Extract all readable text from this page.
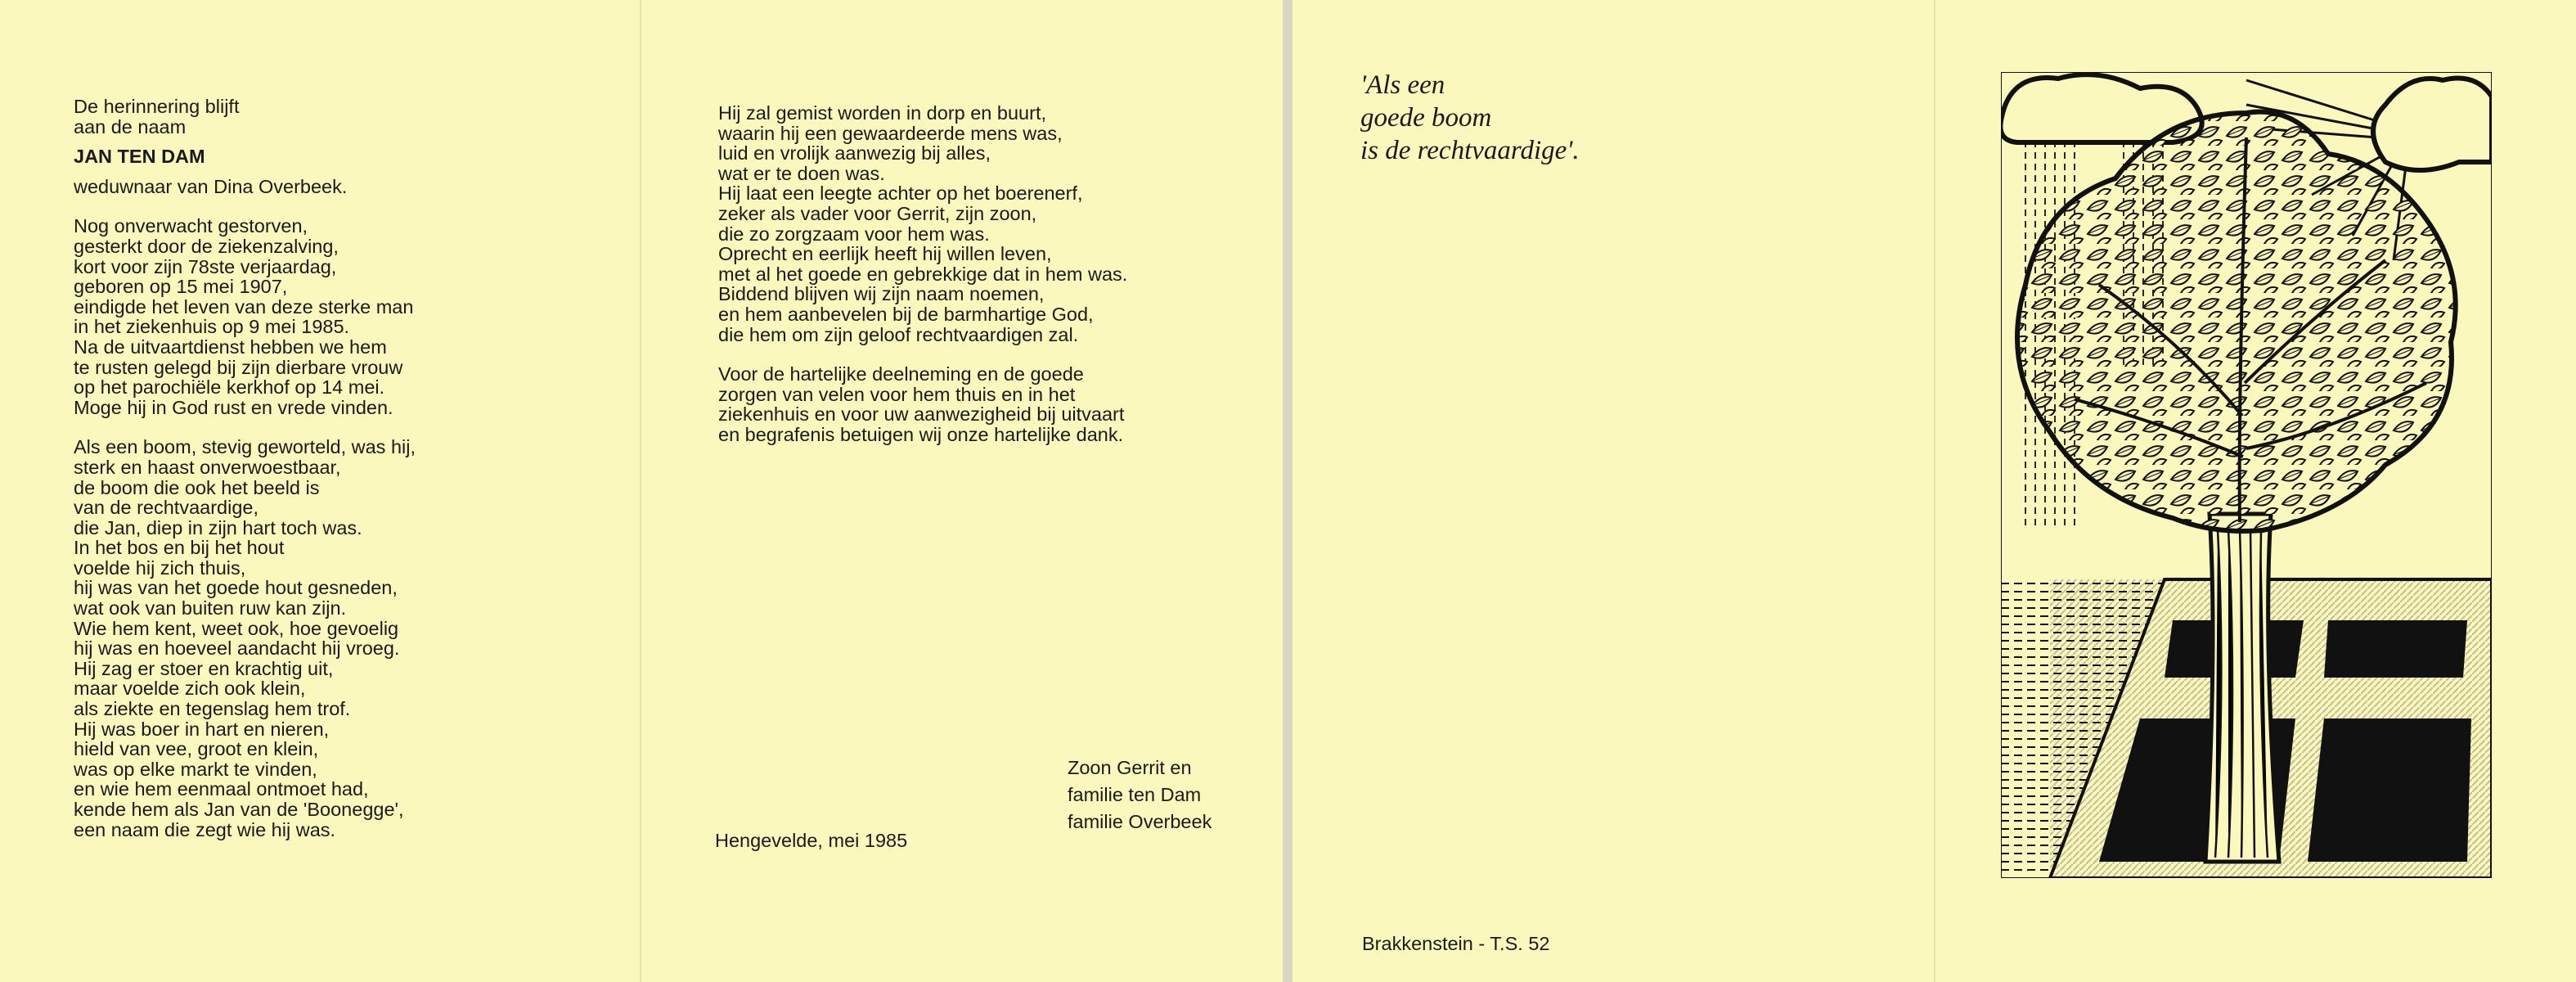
De herinnering blijft
aan de naam
JAN TEN DAM
weduwnaar van Dina Overbeek.
Nog onverwacht gestorven,
gesterkt door de ziekenzalving,
kort voor zijn 78ste verjaardag,
geboren op 15 mei 1907,
eindigde het leven van deze sterke man
in het ziekenhuis op 9 mei 1985.
Na de uitvaartdienst hebben we hem
te rusten gelegd bij zijn dierbare vrouw
op het parochiële kerkhof op 14 mei.
Moge hij in God rust en vrede vinden.
Als een boom, stevig geworteld, was hij,
sterk en haast onverwoestbaar,
de boom die ook het beeld is
van de rechtvaardige,
die Jan, diep in zijn hart toch was.
In het bos en bij het hout
voelde hij zich thuis,
hij was van het goede hout gesneden,
wat ook van buiten ruw kan zijn.
Wie hem kent, weet ook, hoe gevoelig
hij was en hoeveel aandacht hij vroeg.
Hij zag er stoer en krachtig uit,
maar voelde zich ook klein,
als ziekte en tegenslag hem trof.
Hij was boer in hart en nieren,
hield van vee, groot en klein,
was op elke markt te vinden,
en wie hem eenmaal ontmoet had,
kende hem als Jan van de 'Boonegge',
een naam die zegt wie hij was.
Hij zal gemist worden in dorp en buurt,
waarin hij een gewaardeerde mens was,
luid en vrolijk aanwezig bij alles,
wat er te doen was.
Hij laat een leegte achter op het boerenerf,
zeker als vader voor Gerrit, zijn zoon,
die zo zorgzaam voor hem was.
Oprecht en eerlijk heeft hij willen leven,
met al het goede en gebrekkige dat in hem was.
Biddend blijven wij zijn naam noemen,
en hem aanbevelen bij de barmhartige God,
die hem om zijn geloof rechtvaardigen zal.
Voor de hartelijke deelneming en de goede
zorgen van velen voor hem thuis en in het
ziekenhuis en voor uw aanwezigheid bij uitvaart
en begrafenis betuigen wij onze hartelijke dank.
Hengevelde, mei 1985
Zoon Gerrit en
familie ten Dam
familie Overbeek
'Als een
goede boom
is de rechtvaardige'.
Brakkenstein - T.S. 52
